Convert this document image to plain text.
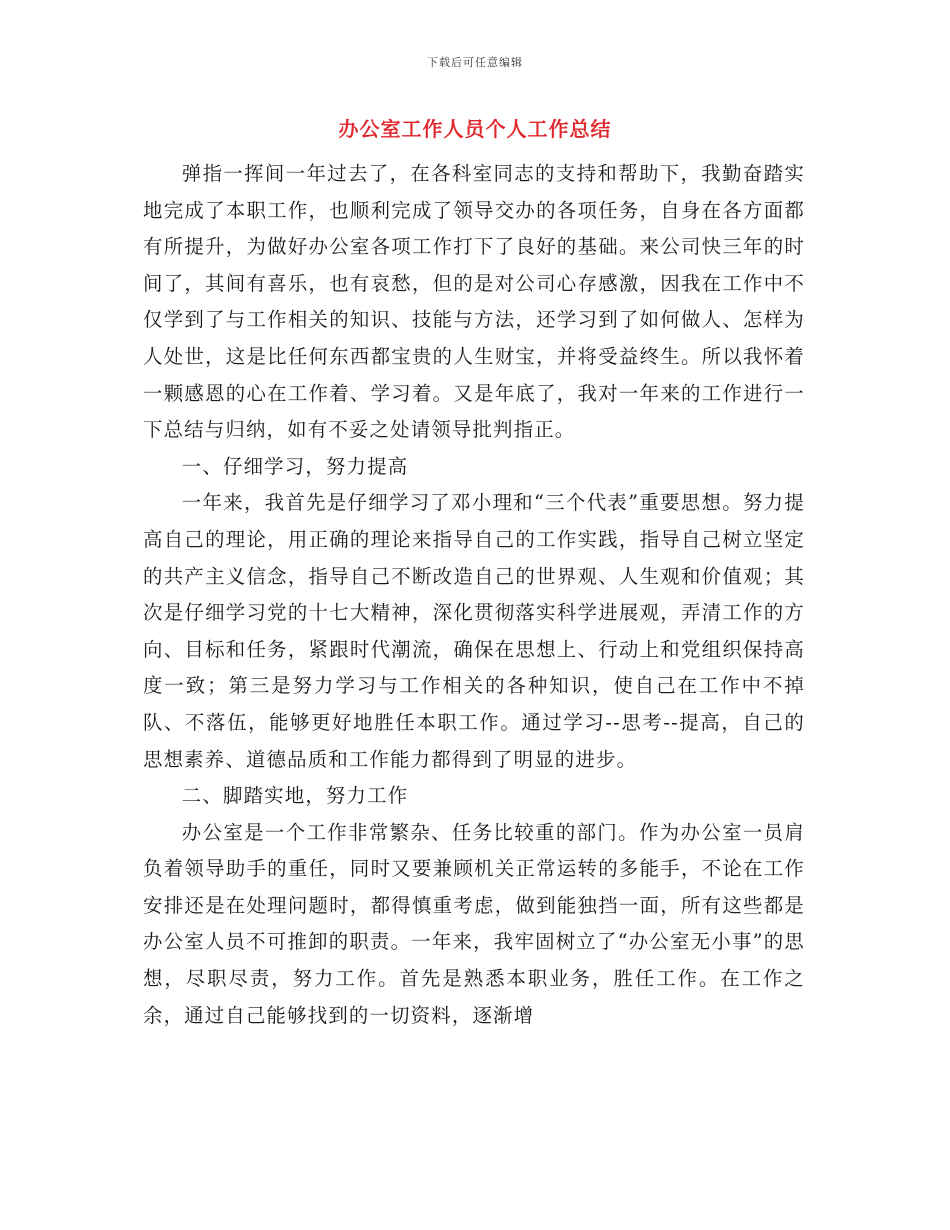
下载后可任意编辑
办公室工作人员个人工作总结

弹指一挥间一年过去了，在各科室同志的支持和帮助下，我勤奋踏实地完成了本职工作，也顺利完成了领导交办的各项任务，自身在各方面都有所提升，为做好办公室各项工作打下了良好的基础。来公司快三年的时间了，其间有喜乐，也有哀愁，但的是对公司心存感激，因我在工作中不仅学到了与工作相关的知识、技能与方法，还学习到了如何做人、怎样为人处世，这是比任何东西都宝贵的人生财宝，并将受益终生。所以我怀着一颗感恩的心在工作着、学习着。又是年底了，我对一年来的工作进行一下总结与归纳，如有不妥之处请领导批判指正。

一、仔细学习，努力提高

一年来，我首先是仔细学习了邓小理和“三个代表”重要思想。努力提高自己的理论，用正确的理论来指导自己的工作实践，指导自己树立坚定的共产主义信念，指导自己不断改造自己的世界观、人生观和价值观；其次是仔细学习党的十七大精神，深化贯彻落实科学进展观，弄清工作的方向、目标和任务，紧跟时代潮流，确保在思想上、行动上和党组织保持高度一致；第三是努力学习与工作相关的各种知识，使自己在工作中不掉队、不落伍，能够更好地胜任本职工作。通过学习--思考--提高，自己的思想素养、道德品质和工作能力都得到了明显的进步。

二、脚踏实地，努力工作

办公室是一个工作非常繁杂、任务比较重的部门。作为办公室一员肩负着领导助手的重任，同时又要兼顾机关正常运转的多能手，不论在工作安排还是在处理问题时，都得慎重考虑，做到能独挡一面，所有这些都是办公室人员不可推卸的职责。一年来，我牢固树立了“办公室无小事”的思想，尽职尽责，努力工作。首先是熟悉本职业务，胜任工作。在工作之余，通过自己能够找到的一切资料，逐渐增
